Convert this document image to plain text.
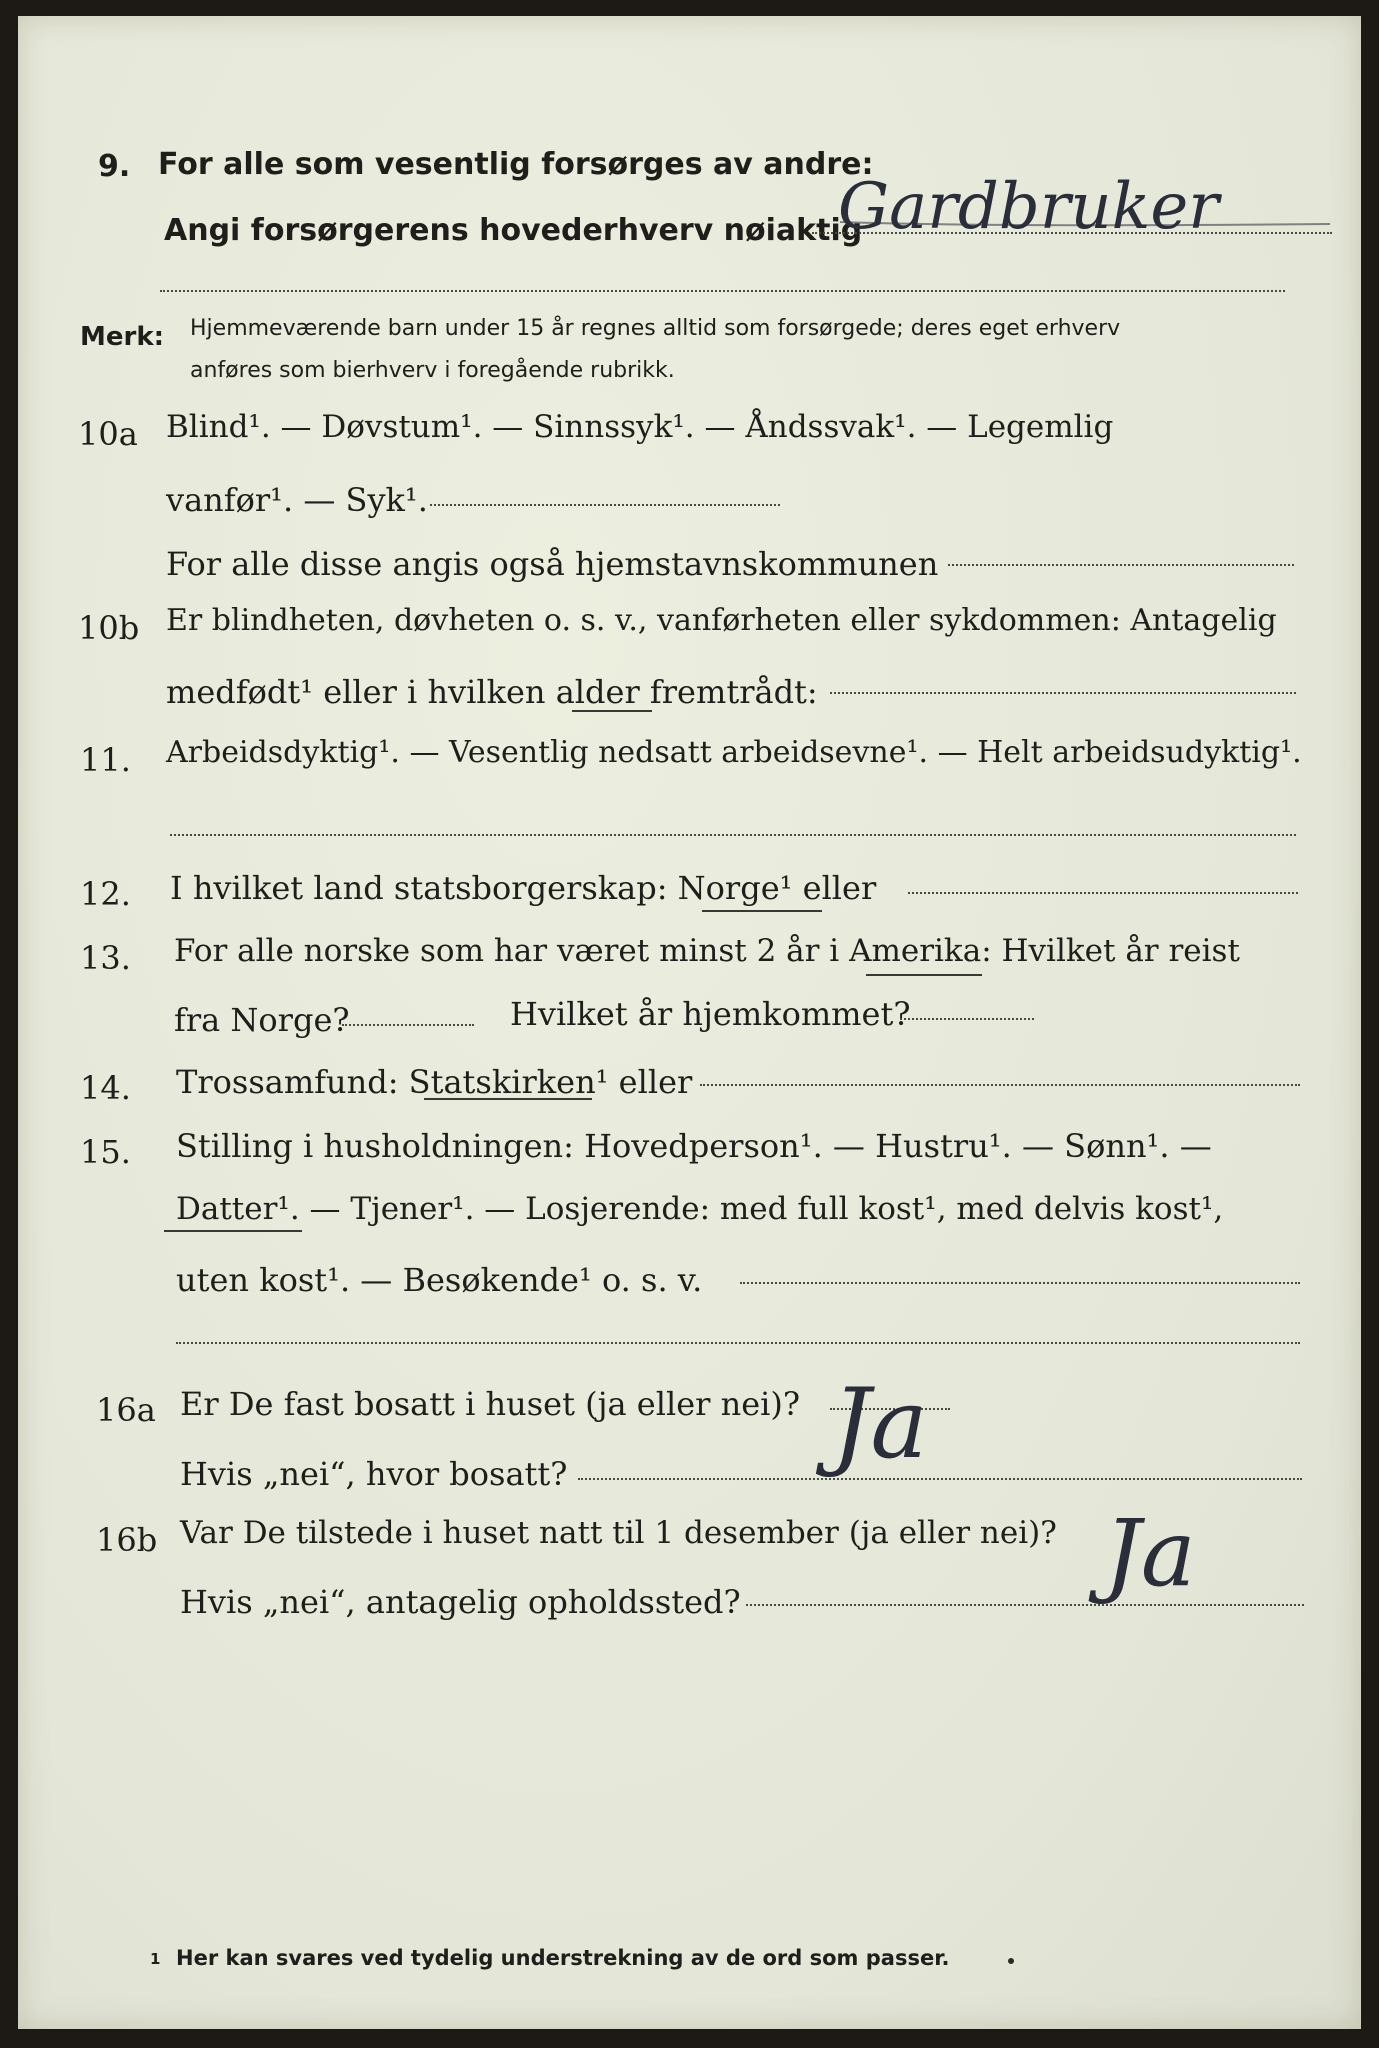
9. For alle som vesentlig forsørges av andre:
Angi forsørgerens hovederhverv nøiaktig
Gardbruker
Merk: Hjemmeværende barn under 15 år regnes alltid som forsørgede; deres eget erhverv
anføres som bierhverv i foregående rubrikk.
10a Blind¹. — Døvstum¹. — Sinnssyk¹. — Åndssvak¹. — Legemlig
vanfør¹. — Syk¹.
For alle disse angis også hjemstavnskommunen
10b Er blindheten, døvheten o. s. v., vanførheten eller sykdommen: Antagelig
medfødt¹ eller i hvilken alder fremtrådt:
11. Arbeidsdyktig¹. — Vesentlig nedsatt arbeidsevne¹. — Helt arbeidsudyktig¹.
12. I hvilket land statsborgerskap: Norge¹ eller
13. For alle norske som har været minst 2 år i Amerika: Hvilket år reist
fra Norge?	Hvilket år hjemkommet?
14. Trossamfund: Statskirken¹ eller
15. Stilling i husholdningen: Hovedperson¹. — Hustru¹. — Sønn¹. —
Datter¹. — Tjener¹. — Losjerende: med full kost¹, med delvis kost¹,
uten kost¹. — Besøkende¹ o. s. v.
16a Er De fast bosatt i huset (ja eller nei)?
Hvis „nei“, hvor bosatt?
16b Var De tilstede i huset natt til 1 desember (ja eller nei)?
Hvis „nei“, antagelig opholdssted?
Ja
Ja
1 Her kan svares ved tydelig understrekning av de ord som passer.
